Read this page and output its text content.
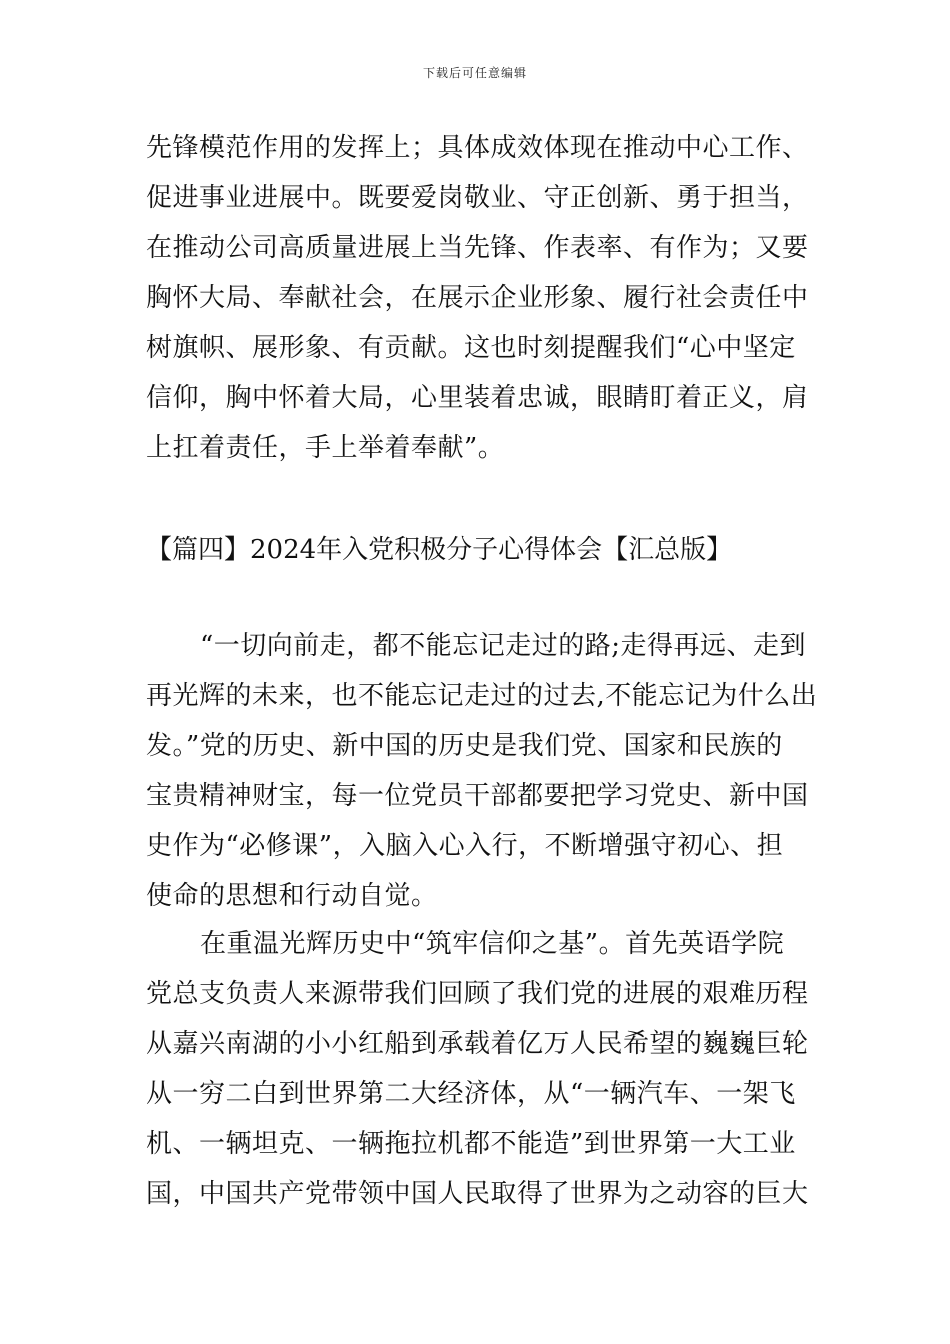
下载后可任意编辑
先锋模范作用的发挥上；具体成效体现在推动中心工作、
促进事业进展中。既要爱岗敬业、守正创新、勇于担当，
在推动公司高质量进展上当先锋、作表率、有作为；又要
胸怀大局、奉献社会，在展示企业形象、履行社会责任中
树旗帜、展形象、有贡献。这也时刻提醒我们“心中坚定
信仰，胸中怀着大局，心里装着忠诚，眼睛盯着正义，肩
上扛着责任，手上举着奉献”。
【篇四】2024年入党积极分子心得体会【汇总版】
“一切向前走，都不能忘记走过的路;走得再远、走到
再光辉的未来，也不能忘记走过的过去,不能忘记为什么出
发。”党的历史、新中国的历史是我们党、国家和民族的
宝贵精神财宝，每一位党员干部都要把学习党史、新中国
史作为“必修课”，入脑入心入行，不断增强守初心、担
使命的思想和行动自觉。
在重温光辉历史中“筑牢信仰之基”。首先英语学院
党总支负责人来源带我们回顾了我们党的进展的艰难历程
从嘉兴南湖的小小红船到承载着亿万人民希望的巍巍巨轮
从一穷二白到世界第二大经济体，从“一辆汽车、一架飞
机、一辆坦克、一辆拖拉机都不能造”到世界第一大工业
国，中国共产党带领中国人民取得了世界为之动容的巨大
